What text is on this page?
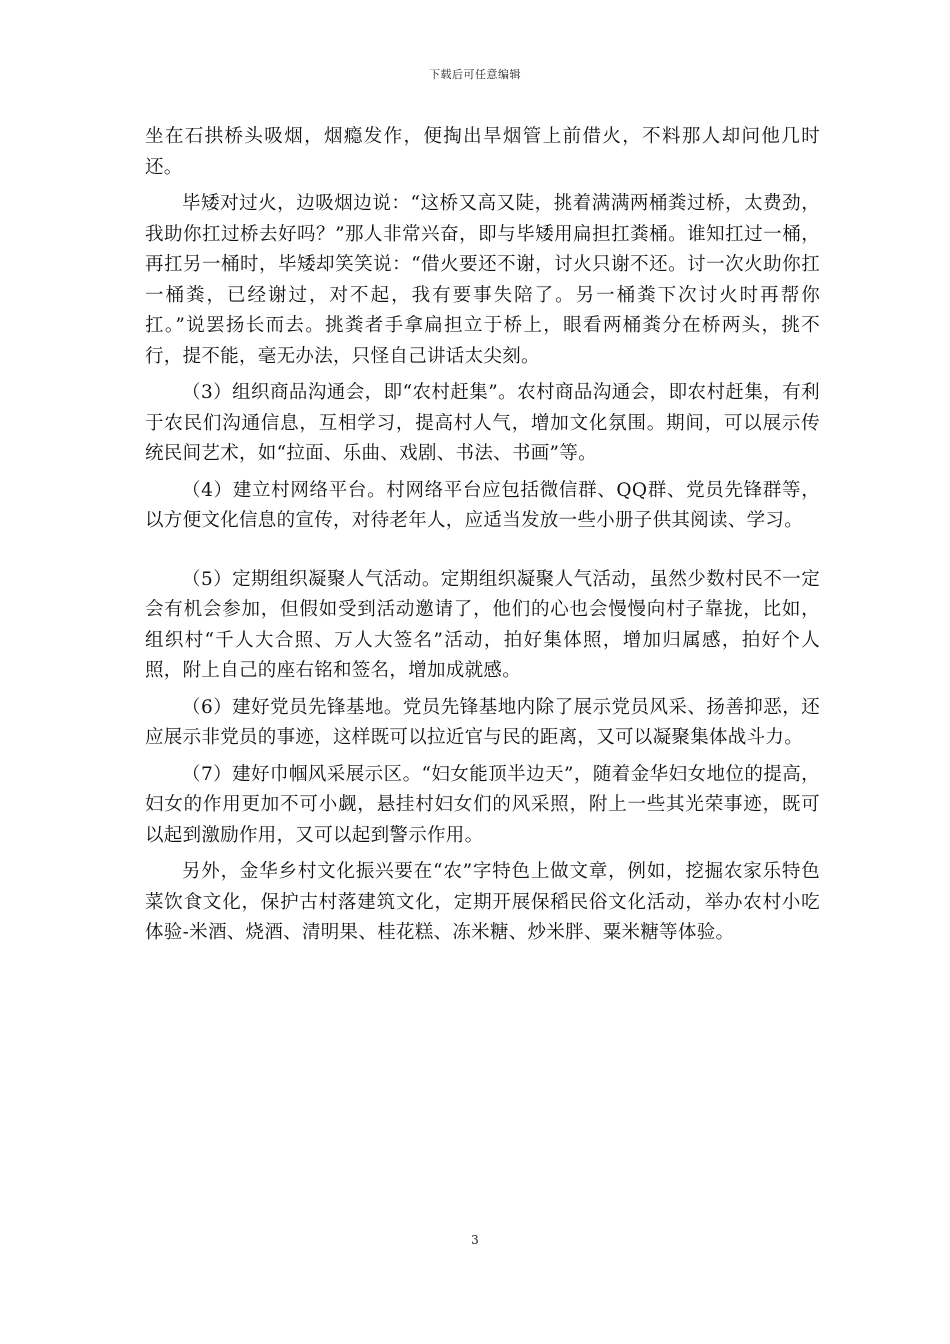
下载后可任意编辑

坐在石拱桥头吸烟，烟瘾发作，便掏出旱烟管上前借火，不料那人却问他几时还。

毕矮对过火，边吸烟边说：“这桥又高又陡，挑着满满两桶粪过桥，太费劲，我助你扛过桥去好吗？”那人非常兴奋，即与毕矮用扁担扛粪桶。谁知扛过一桶，再扛另一桶时，毕矮却笑笑说：“借火要还不谢，讨火只谢不还。讨一次火助你扛一桶粪，已经谢过，对不起，我有要事失陪了。另一桶粪下次讨火时再帮你扛。”说罢扬长而去。挑粪者手拿扁担立于桥上，眼看两桶粪分在桥两头，挑不行，提不能，毫无办法，只怪自己讲话太尖刻。

（3）组织商品沟通会，即“农村赶集”。农村商品沟通会，即农村赶集，有利于农民们沟通信息，互相学习，提高村人气，增加文化氛围。期间，可以展示传统民间艺术，如“拉面、乐曲、戏剧、书法、书画”等。

（4）建立村网络平台。村网络平台应包括微信群、QQ群、党员先锋群等，以方便文化信息的宣传，对待老年人，应适当发放一些小册子供其阅读、学习。

（5）定期组织凝聚人气活动。定期组织凝聚人气活动，虽然少数村民不一定会有机会参加，但假如受到活动邀请了，他们的心也会慢慢向村子靠拢，比如，组织村“千人大合照、万人大签名”活动，拍好集体照，增加归属感，拍好个人照，附上自己的座右铭和签名，增加成就感。

（6）建好党员先锋基地。党员先锋基地内除了展示党员风采、扬善抑恶，还应展示非党员的事迹，这样既可以拉近官与民的距离，又可以凝聚集体战斗力。

（7）建好巾帼风采展示区。“妇女能顶半边天”，随着金华妇女地位的提高，妇女的作用更加不可小觑，悬挂村妇女们的风采照，附上一些其光荣事迹，既可以起到激励作用，又可以起到警示作用。

另外，金华乡村文化振兴要在“农”字特色上做文章，例如，挖掘农家乐特色菜饮食文化，保护古村落建筑文化，定期开展保稻民俗文化活动，举办农村小吃体验-米酒、烧酒、清明果、桂花糕、冻米糖、炒米胖、粟米糖等体验。

3
